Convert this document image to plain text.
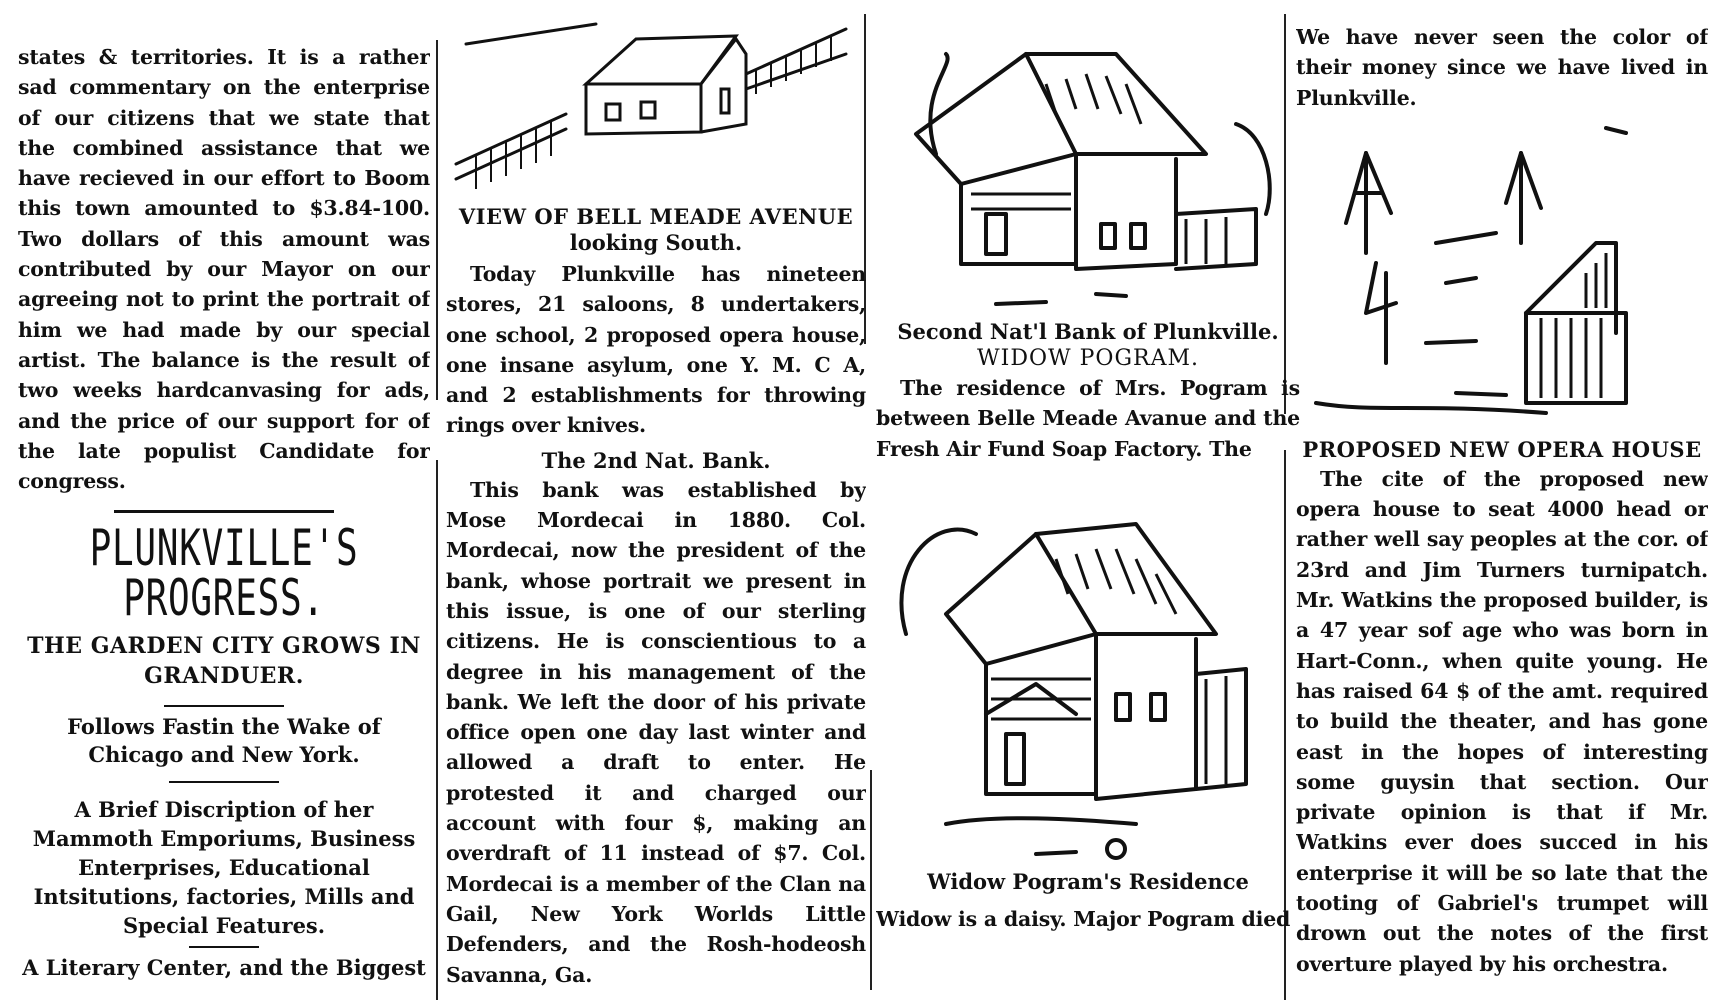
states & territories. It is a rather sad commentary on the enterprise of our citizens that we state that the combined assistance that we have recieved in our effort to Boom this town amounted to $3.84-100. Two dollars of this amount was contributed by our Mayor on our agreeing not to print the portrait of him we had made by our special artist. The balance is the result of two weeks hardcanvasing for ads, and the price of our support for of the late populist Candidate for congress.

PLUNKVILLE'S

PROGRESS.

THE GARDEN CITY GROWS IN GRANDUER.

Follows Fastin the Wake of Chicago and New York.

A Brief Discription of her Mammoth Emporiums, Business Enterprises, Educational Intsitutions, factories, Mills and Special Features.

A Literary Center, and the Biggest

VIEW OF BELL MEADE AVENUE

looking South.

Today Plunkville has nineteen stores, 21 saloons, 8 undertakers, one school, 2 proposed opera house, one insane asylum, one Y. M. C A, and 2 establishments for throwing rings over knives.

The 2nd Nat. Bank.

This bank was established by Mose Mordecai in 1880. Col. Mordecai, now the president of the bank, whose portrait we present in this issue, is one of our sterling citizens. He is conscientious to a degree in his management of the bank. We left the door of his private office open one day last winter and allowed a draft to enter. He protested it and charged our account with four $, making an overdraft of 11 instead of $7. Col. Mordecai is a member of the Clan na Gail, New York Worlds Little Defenders, and the Rosh-hodeosh Savanna, Ga.

Second Nat'l Bank of Plunkville.

WIDOW POGRAM.

The residence of Mrs. Pogram is between Belle Meade Avanue and the Fresh Air Fund Soap Factory. The

Widow Pogram's Residence

Widow is a daisy. Major Pogram died

We have never seen the color of their money since we have lived in Plunkville.

PROPOSED NEW OPERA HOUSE

The cite of the proposed new opera house to seat 4000 head or rather well say peoples at the cor. of 23rd and Jim Turners turnipatch. Mr. Watkins the proposed builder, is a 47 year sof age who was born in Hart-Conn., when quite young. He has raised 64 $ of the amt. required to build the theater, and has gone east in the hopes of interesting some guysin that section. Our private opinion is that if Mr. Watkins ever does succed in his enterprise it will be so late that the tooting of Gabriel's trumpet will drown out the notes of the first overture played by his orchestra.
